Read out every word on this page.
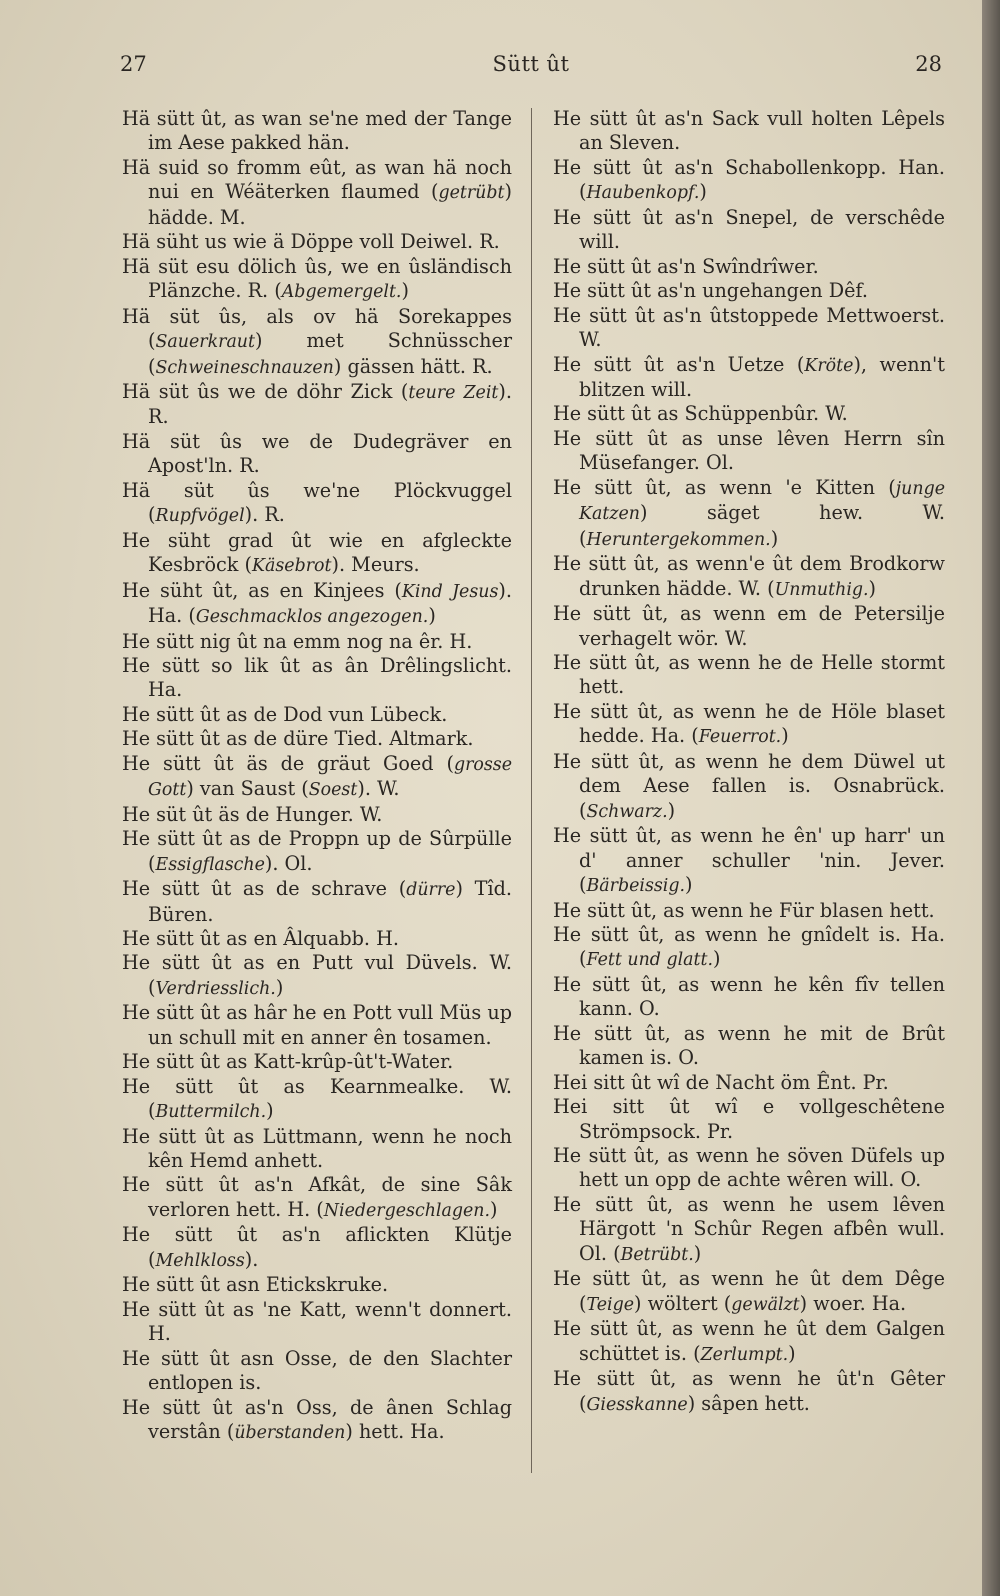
27	Sütt ût	28
Hä sütt ût, as wan se'ne med der Tange im Aese pakked hän.
Hä suid so fromm eût, as wan hä noch nui en Wéäterken flaumed (getrübt) hädde. M.
Hä süht us wie ä Döppe voll Deiwel. R.
Hä süt esu dölich ûs, we en ûsländisch Plänzche. R. (Abgemergelt.)
Hä süt ûs, als ov hä Sorekappes (Sauerkraut) met Schnüsscher (Schweineschnauzen) gässen hätt. R.
Hä süt ûs we de döhr Zick (teure Zeit). R.
Hä süt ûs we de Dudegräver en Apost'ln. R.
Hä süt ûs we'ne Plöckvuggel (Rupfvögel). R.
He süht grad ût wie en afgleckte Kesbröck (Käsebrot). Meurs.
He süht ût, as en Kinjees (Kind Jesus). Ha. (Geschmacklos angezogen.)
He sütt nig ût na emm nog na êr. H.
He sütt so lik ût as ân Drêlingslicht. Ha.
He sütt ût as de Dod vun Lübeck.
He sütt ût as de düre Tied. Altmark.
He sütt ût äs de gräut Goed (grosse Gott) van Saust (Soest). W.
He süt ût äs de Hunger. W.
He sütt ût as de Proppn up de Sûrpülle (Essigflasche). Ol.
He sütt ût as de schrave (dürre) Tîd. Büren.
He sütt ût as en Âlquabb. H.
He sütt ût as en Putt vul Düvels. W. (Verdriesslich.)
He sütt ût as hâr he en Pott vull Müs up un schull mit en anner ên tosamen.
He sütt ût as Katt-krûp-ût't-Water.
He sütt ût as Kearnmealke. W. (Buttermilch.)
He sütt ût as Lüttmann, wenn he noch kên Hemd anhett.
He sütt ût as'n Afkât, de sine Sâk verloren hett. H. (Niedergeschlagen.)
He sütt ût as'n aflickten Klütje (Mehlkloss).
He sütt ût asn Etickskruke.
He sütt ût as 'ne Katt, wenn't donnert. H.
He sütt ût asn Osse, de den Slachter entlopen is.
He sütt ût as'n Oss, de ânen Schlag verstân (überstanden) hett. Ha.
He sütt ût as'n Sack vull holten Lêpels an Sleven.
He sütt ût as'n Schabollenkopp. Han. (Haubenkopf.)
He sütt ût as'n Snepel, de verschêde will.
He sütt ût as'n Swîndrîwer.
He sütt ût as'n ungehangen Dêf.
He sütt ût as'n ûtstoppede Mettwoerst. W.
He sütt ût as'n Uetze (Kröte), wenn't blitzen will.
He sütt ût as Schüppenbûr. W.
He sütt ût as unse lêven Herrn sîn Müsefanger. Ol.
He sütt ût, as wenn 'e Kitten (junge Katzen) säget hew. W. (Heruntergekommen.)
He sütt ût, as wenn'e ût dem Brodkorw drunken hädde. W. (Unmuthig.)
He sütt ût, as wenn em de Petersilje verhagelt wör. W.
He sütt ût, as wenn he de Helle stormt hett.
He sütt ût, as wenn he de Höle blaset hedde. Ha. (Feuerrot.)
He sütt ût, as wenn he dem Düwel ut dem Aese fallen is. Osnabrück. (Schwarz.)
He sütt ût, as wenn he ên' up harr' un d' anner schuller 'nin. Jever. (Bärbeissig.)
He sütt ût, as wenn he Für blasen hett.
He sütt ût, as wenn he gnîdelt is. Ha. (Fett und glatt.)
He sütt ût, as wenn he kên fîv tellen kann. O.
He sütt ût, as wenn he mit de Brût kamen is. O.
Hei sitt ût wî de Nacht öm Ênt. Pr.
Hei sitt ût wî e vollgeschêtene Strömpsock. Pr.
He sütt ût, as wenn he söven Düfels up hett un opp de achte wêren will. O.
He sütt ût, as wenn he usem lêven Härgott 'n Schûr Regen afbên wull. Ol. (Betrübt.)
He sütt ût, as wenn he ût dem Dêge (Teige) wöltert (gewälzt) woer. Ha.
He sütt ût, as wenn he ût dem Galgen schüttet is. (Zerlumpt.)
He sütt ût, as wenn he ût'n Gêter (Giesskanne) sâpen hett.
